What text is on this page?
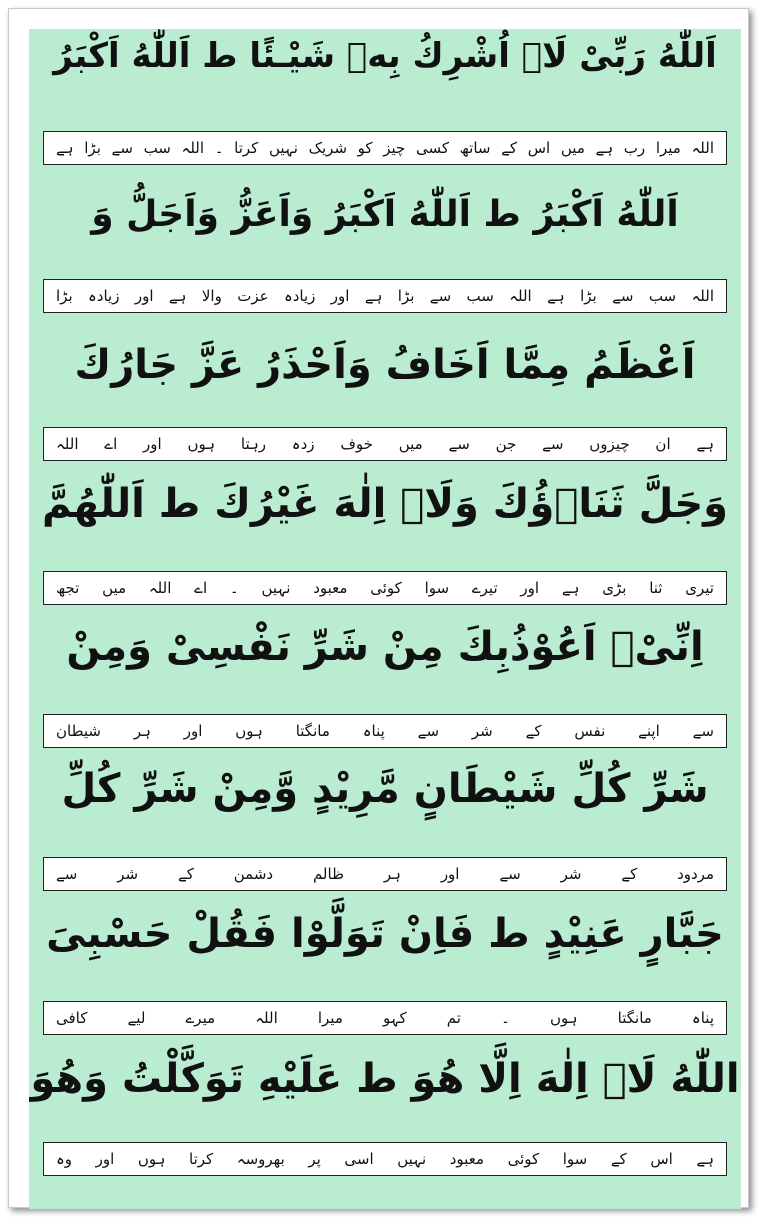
اَللّٰهُ رَبِّیْ لَاۤ اُشْرِكُ بِهٖ شَيْـئًا ط اَللّٰهُ اَكْبَرُ
اللہ میرا رب ہے میں اس کے ساتھ کسی چیز کو شریک نہیں کرتا ۔ اللہ سب سے بڑا ہے
اَللّٰهُ اَكْبَرُ ط اَللّٰهُ اَكْبَرُ وَاَعَزُّ وَاَجَلُّ وَ
اللہ سب سے بڑا ہے اللہ سب سے بڑا ہے اور زیادہ عزت والا ہے اور زیادہ بڑا
اَعْظَمُ مِمَّا اَخَافُ وَاَحْذَرُ عَزَّ جَارُكَ
ہے ان چیزوں سے جن سے میں خوف زدہ رہتا ہوں اور اے اللہ
وَجَلَّ ثَنَاۤؤُكَ وَلَاۤ اِلٰهَ غَيْرُكَ ط اَللّٰهُمَّ
تیری ثنا بڑی ہے اور تیرے سوا کوئی معبود نہیں ۔ اے اللہ میں تجھ
اِنِّیْۤ اَعُوْذُبِكَ مِنْ شَرِّ نَفْسِیْ وَمِنْ
سے اپنے نفس کے شر سے پناہ مانگتا ہوں اور ہر شیطان
شَرِّ كُلِّ شَيْطَانٍ مَّرِيْدٍ وَّمِنْ شَرِّ كُلِّ
مردود کے شر سے اور ہر ظالم دشمن کے شر سے
جَبَّارٍ عَنِيْدٍ ط فَاِنْ تَوَلَّوْا فَقُلْ حَسْبِیَ
پناہ مانگتا ہوں ۔ تم کہو میرا اللہ میرے لیے کافی
اللّٰهُ لَاۤ اِلٰهَ اِلَّا هُوَ ط عَلَيْهِ تَوَكَّلْتُ وَهُوَ
ہے اس کے سوا کوئی معبود نہیں اسی پر بھروسہ کرتا ہوں اور وہ
